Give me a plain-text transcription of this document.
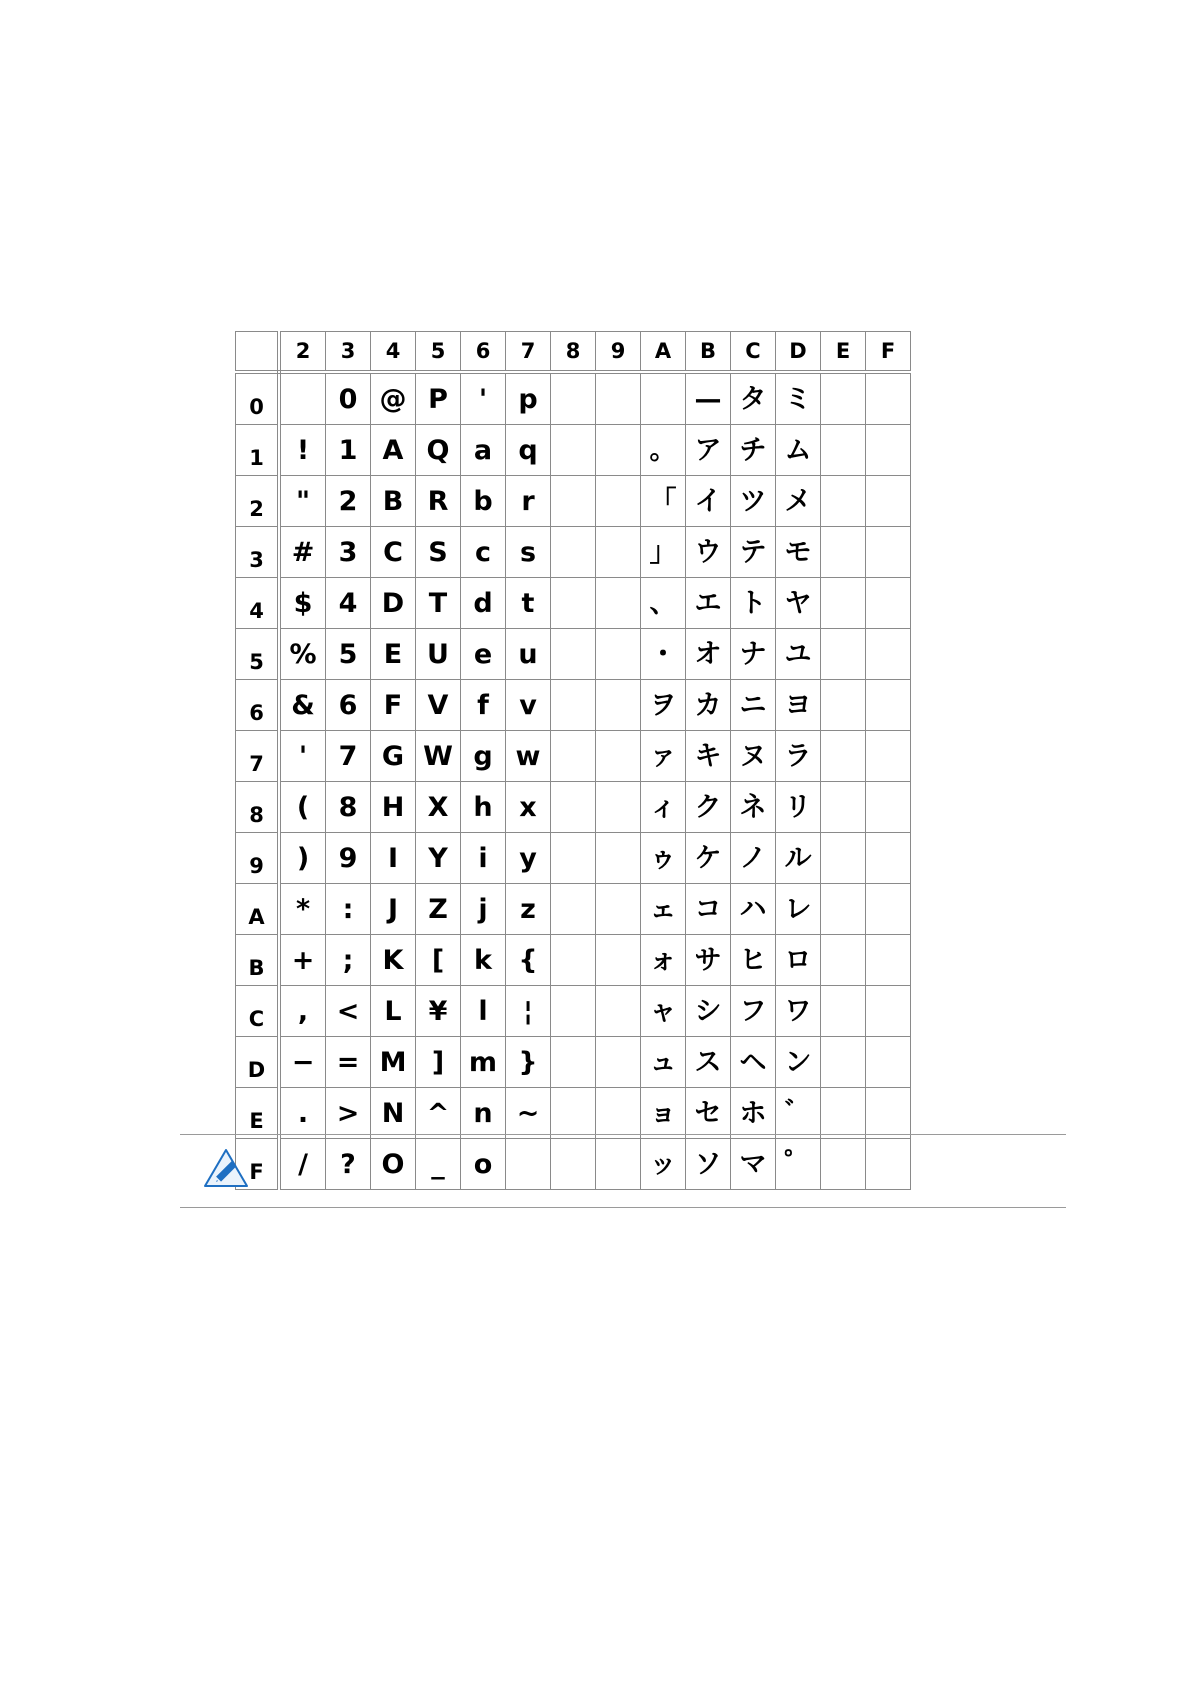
	2	3	4	5	6	7	8	9	A	B	C	D	E	F
0		0	@	P	'	p				—	タ	ミ		
1	!	1	A	Q	a	q			。	ア	チ	ム		
2	"	2	B	R	b	r			「	イ	ツ	メ		
3	#	3	C	S	c	s			」	ウ	テ	モ		
4	$	4	D	T	d	t			、	エ	ト	ヤ		
5	%	5	E	U	e	u			・	オ	ナ	ユ		
6	&	6	F	V	f	v			ヲ	カ	ニ	ヨ		
7	'	7	G	W	g	w			ァ	キ	ヌ	ラ		
8	(	8	H	X	h	x			ィ	ク	ネ	リ		
9	)	9	I	Y	i	y			ゥ	ケ	ノ	ル		
A	*	:	J	Z	j	z			ェ	コ	ハ	レ		
B	+	;	K	[	k	{			ォ	サ	ヒ	ロ		
C	,	<	L	¥	l	¦			ャ	シ	フ	ワ		
D	−	=	M	]	m	}			ュ	ス	ヘ	ン		
E	.	>	N	^	n	~			ョ	セ	ホ	゛		
F	/	?	O	_	o				ッ	ソ	マ	゜		
